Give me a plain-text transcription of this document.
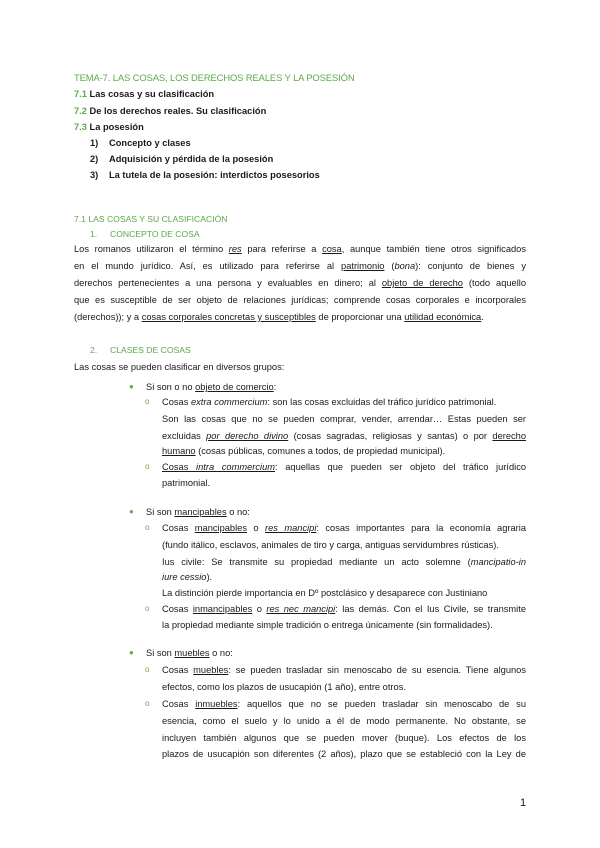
TEMA-7. LAS COSAS, LOS DERECHOS REALES Y LA POSESIÓN
7.1 Las cosas y su clasificación
7.2 De los derechos reales. Su clasificación
7.3 La posesión
1) Concepto y clases
2) Adquisición y pérdida de la posesión
3) La tutela de la posesión: interdictos posesorios
7.1 LAS COSAS Y SU CLASIFICACIÓN
1. CONCEPTO DE COSA
Los romanos utilizaron el término res para referirse a cosa, aunque también tiene otros significados
en el mundo jurídico. Así, es utilizado para referirse al patrimonio (bona): conjunto de bienes y
derechos pertenecientes a una persona y evaluables en dinero; al objeto de derecho (todo aquello
que es susceptible de ser objeto de relaciones jurídicas; comprende cosas corporales e incorporales
(derechos)); y a cosas corporales concretas y susceptibles de proporcionar una utilidad económica.
2. CLASES DE COSAS
Las cosas se pueden clasificar en diversos grupos:
● Si son o no objeto de comercio:
o Cosas extra commercium: son las cosas excluidas del tráfico jurídico patrimonial.
Son las cosas que no se pueden comprar, vender, arrendar… Estas pueden ser
excluidas por derecho divino (cosas sagradas, religiosas y santas) o por derecho
humano (cosas públicas, comunes a todos, de propiedad municipal).
o Cosas intra commercium: aquellas que pueden ser objeto del tráfico jurídico
patrimonial.
● Si son mancipables o no:
o Cosas mancipables o res mancipi: cosas importantes para la economía agraria
(fundo itálico, esclavos, animales de tiro y carga, antiguas servidumbres rústicas).
Ius civile: Se transmite su propiedad mediante un acto solemne (mancipatio-in
iure cessio).
La distinción pierde importancia en Dº postclásico y desaparece con Justiniano
o Cosas inmancipables o res nec mancipi: las demás. Con el Ius Civile, se transmite
la propiedad mediante simple tradición o entrega únicamente (sin formalidades).
● Si son muebles o no:
o Cosas muebles: se pueden trasladar sin menoscabo de su esencia. Tiene algunos
efectos, como los plazos de usucapión (1 año), entre otros.
o Cosas inmuebles: aquellos que no se pueden trasladar sin menoscabo de su
esencia, como el suelo y lo unido a él de modo permanente. No obstante, se
incluyen también algunos que se pueden mover (buque). Los efectos de los
plazos de usucapión son diferentes (2 años), plazo que se estableció con la Ley de
1
